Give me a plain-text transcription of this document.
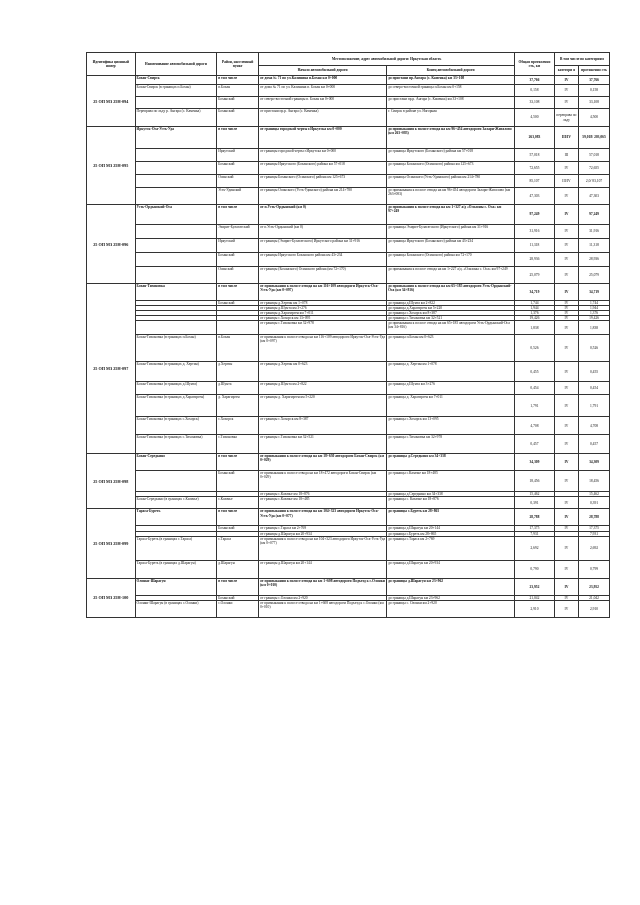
Идентифика ционный номер	Наименование автомобильной дороги	Район, населенный пункт	Местоположение, адрес автомобильной дороги: Иркутская область		Общая протяженно сть, км	В том числе по категориям	
			Начало автомобильной дороги	Конец автомобильной дороги		категори я	протяженно сть
25 ОП МЗ 25Н-094	Бохан-Свирск	в том числе	от дома № 71 по ул.Калинина п.Бохан км 0+000	до пристани пр.Ангара (с. Каменка) км 33+108	37,766	IV	37,766
	Бохан-Свирск (в границах п.Бохан)	п.Бохан	от дома № 71 по ул. Калинина п. Бохан км 0+000	до северо-восточной границы п.Бохан км 0+158	0,158	IV	0,158
		Боханский	от северо-восточной границы п. Бохан км 0+000	до пристани пр.р. Ангара (с. Каменка) км 33+108	33,108	IV	33,108
	Переправа по льду р. Ангара (с. Каменка)	Боханский	от пристани пр.р. Ангара (с. Каменка)	г. Свирск в районе ул. Нагорная	4,500	переправа по льду	4,500
25 ОП МЗ 25Н-095	Иркутск-Оса-Усть-Уда	в том числе	от границы городской черты г.Иркутска км 0+000	до примыкания к полосе отвода на км 96+454 автодороги Залари-Жигалово (км 263+083)	263,083	III/IV	59,018/ 203,065
		Иркутский	от границы городской черты г.Иркутска км 0+000	до границы Иркутского (Боханского) района км 57+018	57,018	III	57,018
		Боханский	от границы Иркутского (Боханского) района км 57+018	до границы Боханского (Осинского) района км 125+673	72,655	IV	72,655
		Осинский	от границы Боханского (Осинского) района км 125+673	до границы Осинского (Усть-Удинского) района км 214+780	85,107	III/IV	2,0/ 83,107
		Усть-Удинский	от границы Осинского (Усть-Удинского) района км 214+780	до примыкания к полосе отвода на км 96+454 автодороги Залари-Жигалово (км 263+083)	47,303	IV	47,303
25 ОП МЗ 25Н-096	Усть-Ордынский-Оса	в том числе	от п.Усть-Ордынский (км 0)	до примыкания к полосе отвода на км 1+327 а/д «Ользоны с. Оса» км 97+249	97,249	IV	97,249
		Эхирит-Булагатский	от п.Усть-Ордынский (км 0)	до границы Эхирит-Булагатского (Иркутского) района км 31+916	31,916	IV	31,916
		Иркутский	от границы (Эхирит-Булагатского) Иркутского района км 31+916	до границы Иркутского (Боханского) района км 43+234	11,318	IV	11,318
		Боханский	от границы Иркутского Боханского района км 43+234	до границы Боханского (Осинского) района км 72+170	28,936	IV	28,936
		Осинский	от границы (Боханского) Осинского района (км 72+170)	до примыкания к полосе отвода на км 1+227 а/д. «Ользоны с. Оса» км 97+249	25,079	IV	25,079
25 ОП МЗ 25Н-097	Бохан-Тихоновка	в том числе	от примыкания к полосе отвода на км 116+109 автодороги Иркутск-Оса-Усть-Уда (км 0+097)	до примыкания к полосе отвода на км 65+185 автодороги Усть-Ордынский-Оса (км 34+816)	34,719	IV	34,719
		Боханский	от границы д.Хертин км 1+078	до границы д.Шунта км 2+822	1,744	IV	1,744
			от границы д.Шунта км 3+276	до границы д.Харагирген км 5+220	1,944	IV	1,944
			от границы д.Харагирген км 7+011	до границы с.Хохорск км 8+387	1,376	IV	1,376
			от границы с.Хохорск км 13+095	до границы с.Тихоновка км 32+521	19,426	IV	19,426
			от границы с.Тихоновка км 32+978	до примыкания к полосе отвода на км 65+185 автодороги Усть-Ордынский-Оса (км 34+816)	1,838	IV	1,838
	Бохан-Тихоновка (в границах п.Бохан)	п.Бохан	от примыкания к полосе отвода на км 116+109 автодороги Иркутск-Оса-Усть-Уда (км 0+097)	до границы п.Бохан км 0+623	0,526	IV	0,526
	Бохан-Тихоновка (в границах д. Хертин)	д.Хертин	от границы д.Хертин км 0+623	до границы д. Хертин км 1+078	0,455	IV	0,455
	Бохан-Тихоновка (в границах д.Шунта)	д.Шунта	от границы д.Шунта км 2+822	до границы д.Шунта км 3+276	0,454	IV	0,454
	Бохан-Тихоновка (в границах д.Харагирген)	д. Харагирген	от границы д. Харагирген км 5+220	до границы д. Харагирген км 7+011	1,791	IV	1,791
	Бохан-Тихоновка (в границах с.Хохорск)	с.Хохорск	от границы с.Хохорск км 8+387	до границы с.Хохорск км 13+095	4,708	IV	4,708
	Бохан-Тихоновка (в границах с.Тихоновка)	с.Тихоновка	от границы с.Тихоновка км 32+521	до границы с.Тихоновка км 32+978	0,457	IV	0,457
25 ОП МЗ 25Н-098	Бохан-Середкино	в том числе	от примыкания к полосе отвода на км 18+630 автодороги Бохан-Свирск (км 0+029)	до границы д.Середкино км 34+338	34,309	IV	34,309
		Боханский	от примыкания к полосе отвода на км 18+472 автодороги Бохан-Свирск (км 0+029)	до границы с.Казачье км 18+485	18,456	IV	18,456
			от границы с.Казачье км 18+876	до границы д.Середкино км 34+338	15,462		15,462
	Бохан-Середкино (в границах с.Казачье)	с.Казачье	от границы с.Казачье км 18+485	до границы с. Казачье км 18+876	0,391	IV	0,391
25 ОП МЗ 25Н-099	Тараса-Буреть	в том числе	от примыкания к полосе отвода на км 104+323 автодороги Иркутск-Оса-Усть-Уда (км 0+077)	до границы с.Буреть км 28+865	28,788	IV	28,788
		Боханский	от границы с.Тараса км 2+769	до границы д.Шарагун км 20+144	17,375	IV	17,375
			от границы д.Шарагун км 20+934	до границы с.Буреть км 28+865	7,931		7,931
	Тараса-Буреть (в границах с.Тараса)	с.Тараса	от примыкания к полосе отвода на км 104+323 автодороги Иркутск-Оса-Усть-Уда (км 0+077)	до границы с.Тараса км 2+769	2,692	IV	2,692
	Тараса-Буреть (в границах д.Шарагун)	д.Шарагун	от границы д.Шарагун км 20+144	до границы д.Шарагун км 20+934	0,790	IV	0,799
25 ОП МЗ 25Н-100	Олонки-Шарагун	в том числе	от примыкания к полосе отвода на км 1+608 автодороги Подъезд к с.Олонки (км 0+010)	до границы д.Шарагун км 23+962	23,952	IV	23,952
		Боханский	от границы с.Олонки км 2+920	до границы д.Шарагун км 23+962	21,042	IV	21,042
	Олонки-Шарагун (в границах с.Олонки)	с.Олонки	от примыкания к полосе отвода на км 1+608 автодороги Подъезд к с.Олонки (км 0+010)	до границы с. Олонки км 2+920	2,910	IV	2,910
